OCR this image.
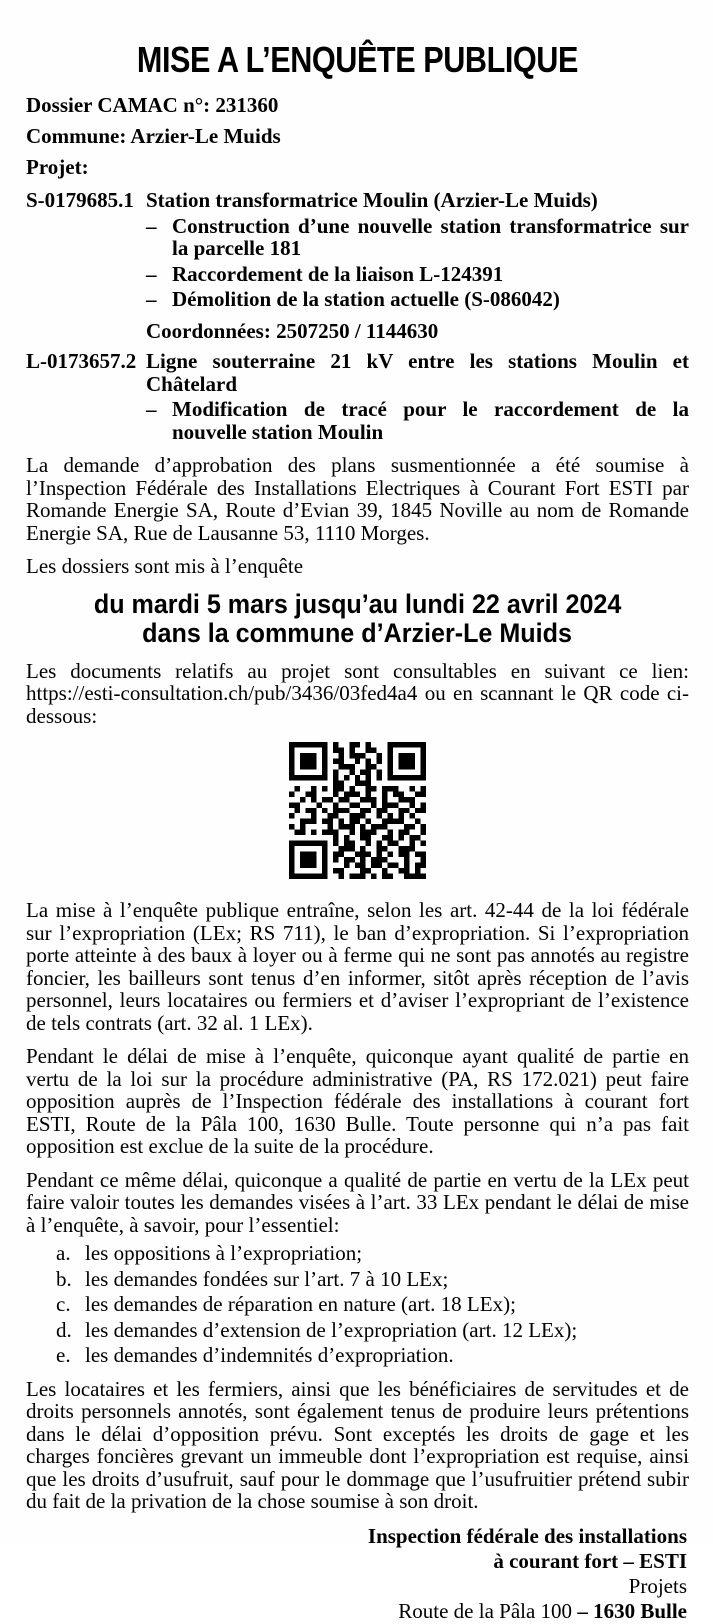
MISE A L’ENQUÊTE PUBLIQUE
Dossier CAMAC n°: 231360
Commune: Arzier-Le Muids
Projet:
S-0179685.1 Station transformatrice Moulin (Arzier-Le Muids)
– Construction d’une nouvelle station transformatrice sur la parcelle 181
– Raccordement de la liaison L-124391
– Démolition de la station actuelle (S-086042)
Coordonnées: 2507250 / 1144630
L-0173657.2 Ligne souterraine 21 kV entre les stations Moulin et Châtelard
– Modification de tracé pour le raccordement de la nouvelle station Moulin

La demande d’approbation des plans susmentionnée a été soumise à l’Inspection Fédérale des Installations Electriques à Courant Fort ESTI par Romande Energie SA, Route d’Evian 39, 1845 Noville au nom de Romande Energie SA, Rue de Lausanne 53, 1110 Morges.

Les dossiers sont mis à l’enquête

du mardi 5 mars jusqu’au lundi 22 avril 2024
dans la commune d’Arzier-Le Muids

Les documents relatifs au projet sont consultables en suivant ce lien: https://esti-consultation.ch/pub/3436/03fed4a4 ou en scannant le QR code ci-dessous:

La mise à l’enquête publique entraîne, selon les art. 42-44 de la loi fédérale sur l’expropriation (LEx; RS 711), le ban d’expropriation. Si l’expropriation porte atteinte à des baux à loyer ou à ferme qui ne sont pas annotés au registre foncier, les bailleurs sont tenus d’en informer, sitôt après réception de l’avis personnel, leurs locataires ou fermiers et d’aviser l’expropriant de l’existence de tels contrats (art. 32 al. 1 LEx).

Pendant le délai de mise à l’enquête, quiconque ayant qualité de partie en vertu de la loi sur la procédure administrative (PA, RS 172.021) peut faire opposition auprès de l’Inspection fédérale des installations à courant fort ESTI, Route de la Pâla 100, 1630 Bulle. Toute personne qui n’a pas fait opposition est exclue de la suite de la procédure.

Pendant ce même délai, quiconque a qualité de partie en vertu de la LEx peut faire valoir toutes les demandes visées à l’art. 33 LEx pendant le délai de mise à l’enquête, à savoir, pour l’essentiel:

a. les oppositions à l’expropriation;
b. les demandes fondées sur l’art. 7 à 10 LEx;
c. les demandes de réparation en nature (art. 18 LEx);
d. les demandes d’extension de l’expropriation (art. 12 LEx);
e. les demandes d’indemnités d’expropriation.

Les locataires et les fermiers, ainsi que les bénéficiaires de servitudes et de droits personnels annotés, sont également tenus de produire leurs prétentions dans le délai d’opposition prévu. Sont exceptés les droits de gage et les charges foncières grevant un immeuble dont l’expropriation est requise, ainsi que les droits d’usufruit, sauf pour le dommage que l’usufruitier prétend subir du fait de la privation de la chose soumise à son droit.

Inspection fédérale des installations
à courant fort – ESTI
Projets
Route de la Pâla 100 – 1630 Bulle
